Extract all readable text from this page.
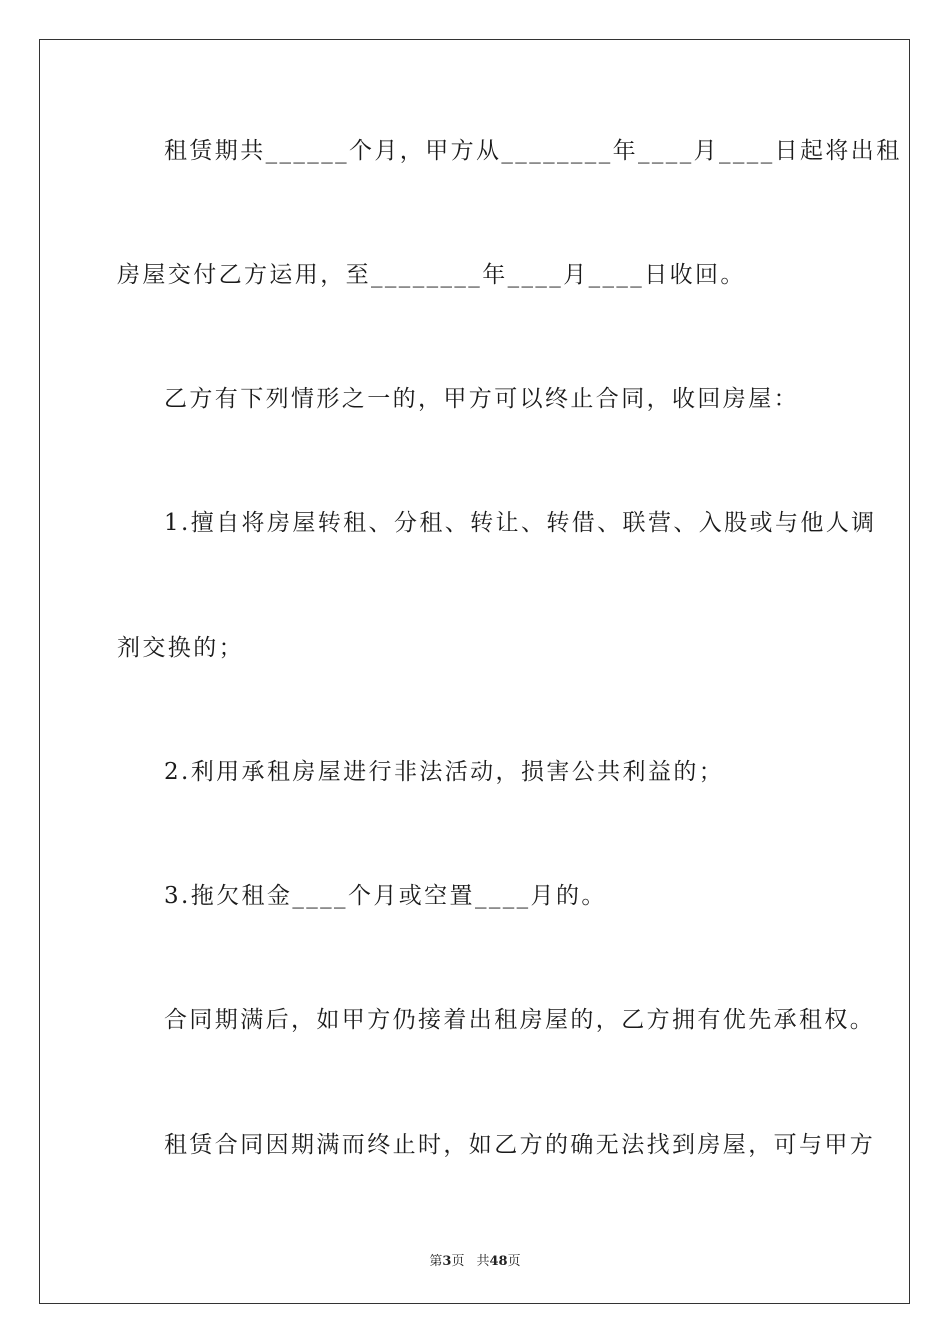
租赁期共______个月，甲方从________年____月____日起将出租
房屋交付乙方运用，至________年____月____日收回。
乙方有下列情形之一的，甲方可以终止合同，收回房屋：
1.擅自将房屋转租、分租、转让、转借、联营、入股或与他人调
剂交换的；
2.利用承租房屋进行非法活动，损害公共利益的；
3.拖欠租金____个月或空置____月的。
合同期满后，如甲方仍接着出租房屋的，乙方拥有优先承租权。
租赁合同因期满而终止时，如乙方的确无法找到房屋，可与甲方
第3页 共48页
